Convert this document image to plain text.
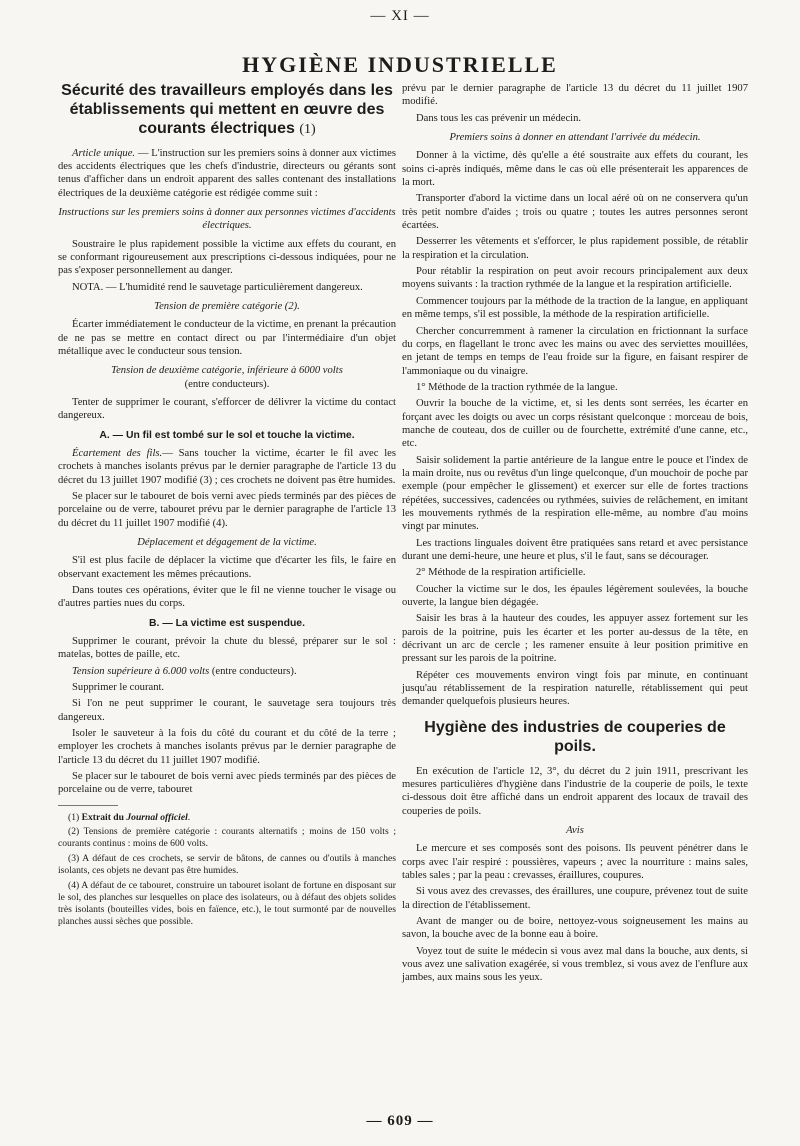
— XI —
HYGIÈNE INDUSTRIELLE
Sécurité des travailleurs employés dans les établissements qui mettent en œuvre des courants électriques (1)

Article unique. — L'instruction sur les premiers soins à donner aux victimes des accidents électriques que les chefs d'industrie, directeurs ou gérants sont tenus d'afficher dans un endroit apparent des salles contenant des installations électriques de la deuxième catégorie est rédigée comme suit :

Instructions sur les premiers soins à donner aux personnes victimes d'accidents électriques.

Soustraire le plus rapidement possible la victime aux effets du courant, en se conformant rigoureusement aux prescriptions ci-dessous indiquées, pour ne pas s'exposer personnellement au danger.

NOTA. — L'humidité rend le sauvetage particulièrement dangereux.

Tension de première catégorie (2).

Écarter immédiatement le conducteur de la victime, en prenant la précaution de ne pas se mettre en contact direct ou par l'intermédiaire d'un objet métallique avec le conducteur sous tension.

Tension de deuxième catégorie, inférieure à 6000 volts

(entre conducteurs).

Tenter de supprimer le courant, s'efforcer de délivrer la victime du contact dangereux.

A. — Un fil est tombé sur le sol et touche la victime.

Écartement des fils.— Sans toucher la victime, écarter le fil avec les crochets à manches isolants prévus par le dernier paragraphe de l'article 13 du décret du 13 juillet 1907 modifié (3) ; ces crochets ne doivent pas être humides.

Se placer sur le tabouret de bois verni avec pieds terminés par des pièces de porcelaine ou de verre, tabouret prévu par le dernier paragraphe de l'article 13 du décret du 11 juillet 1907 modifié (4).

Déplacement et dégagement de la victime.

S'il est plus facile de déplacer la victime que d'écarter les fils, le faire en observant exactement les mêmes précautions.

Dans toutes ces opérations, éviter que le fil ne vienne toucher le visage ou d'autres parties nues du corps.

B. — La victime est suspendue.

Supprimer le courant, prévoir la chute du blessé, préparer sur le sol : matelas, bottes de paille, etc.

Tension supérieure à 6.000 volts (entre conducteurs).

Supprimer le courant.

Si l'on ne peut supprimer le courant, le sauvetage sera toujours très dangereux.

Isoler le sauveteur à la fois du côté du courant et du côté de la terre ; employer les crochets à manches isolants prévus par le dernier paragraphe de l'article 13 du décret du 11 juillet 1907 modifié.

Se placer sur le tabouret de bois verni avec pieds terminés par des pièces de porcelaine ou de verre, tabouret

(1) Extrait du Journal officiel.

(2) Tensions de première catégorie : courants alternatifs ; moins de 150 volts ; courants continus : moins de 600 volts.

(3) A défaut de ces crochets, se servir de bâtons, de cannes ou d'outils à manches isolants, ces objets ne devant pas être humides.

(4) A défaut de ce tabouret, construire un tabouret isolant de fortune en disposant sur le sol, des planches sur lesquelles on place des isolateurs, ou à défaut des objets solides très isolants (bouteilles vides, bois en faïence, etc.), le tout surmonté par de nouvelles planches aussi sèches que possible.

prévu par le dernier paragraphe de l'article 13 du décret du 11 juillet 1907 modifié.

Dans tous les cas prévenir un médecin.

Premiers soins à donner en attendant l'arrivée du médecin.

Donner à la victime, dès qu'elle a été soustraite aux effets du courant, les soins ci-après indiqués, même dans le cas où elle présenterait les apparences de la mort.

Transporter d'abord la victime dans un local aéré où on ne conservera qu'un très petit nombre d'aides ; trois ou quatre ; toutes les autres personnes seront écartées.

Desserrer les vêtements et s'efforcer, le plus rapidement possible, de rétablir la respiration et la circulation.

Pour rétablir la respiration on peut avoir recours principalement aux deux moyens suivants : la traction rythmée de la langue et la respiration artificielle.

Commencer toujours par la méthode de la traction de la langue, en appliquant en même temps, s'il est possible, la méthode de la respiration artificielle.

Chercher concurremment à ramener la circulation en frictionnant la surface du corps, en flagellant le tronc avec les mains ou avec des serviettes mouillées, en jetant de temps en temps de l'eau froide sur la figure, en faisant respirer de l'ammoniaque ou du vinaigre.

1° Méthode de la traction rythmée de la langue.

Ouvrir la bouche de la victime, et, si les dents sont serrées, les écarter en forçant avec les doigts ou avec un corps résistant quelconque : morceau de bois, manche de couteau, dos de cuiller ou de fourchette, extrémité d'une canne, etc., etc.

Saisir solidement la partie antérieure de la langue entre le pouce et l'index de la main droite, nus ou revêtus d'un linge quelconque, d'un mouchoir de poche par exemple (pour empêcher le glissement) et exercer sur elle de fortes tractions répétées, successives, cadencées ou rythmées, suivies de relâchement, en imitant les mouvements rythmés de la respiration elle-même, au nombre d'au moins vingt par minutes.

Les tractions linguales doivent être pratiquées sans retard et avec persistance durant une demi-heure, une heure et plus, s'il le faut, sans se décourager.

2° Méthode de la respiration artificielle.

Coucher la victime sur le dos, les épaules légèrement soulevées, la bouche ouverte, la langue bien dégagée.

Saisir les bras à la hauteur des coudes, les appuyer assez fortement sur les parois de la poitrine, puis les écarter et les porter au-dessus de la tête, en décrivant un arc de cercle ; les ramener ensuite à leur position primitive en pressant sur les parois de la poitrine.

Répéter ces mouvements environ vingt fois par minute, en continuant jusqu'au rétablissement de la respiration naturelle, rétablissement qui peut demander quelquefois plusieurs heures.

Hygiène des industries de couperies de poils.

En exécution de l'article 12, 3°, du décret du 2 juin 1911, prescrivant les mesures particulières d'hygiène dans l'industrie de la couperie de poils, le texte ci-dessous doit être affiché dans un endroit apparent des locaux de travail des couperies de poils.

Avis

Le mercure et ses composés sont des poisons. Ils peuvent pénétrer dans le corps avec l'air respiré : poussières, vapeurs ; avec la nourriture : mains sales, tables sales ; par la peau : crevasses, éraillures, coupures.

Si vous avez des crevasses, des éraillures, une coupure, prévenez tout de suite la direction de l'établissement.

Avant de manger ou de boire, nettoyez-vous soigneusement les mains au savon, la bouche avec de la bonne eau à boire.

Voyez tout de suite le médecin si vous avez mal dans la bouche, aux dents, si vous avez une salivation exagérée, si vous tremblez, si vous avez de l'enflure aux jambes, aux mains sous les yeux.

— 609 —
